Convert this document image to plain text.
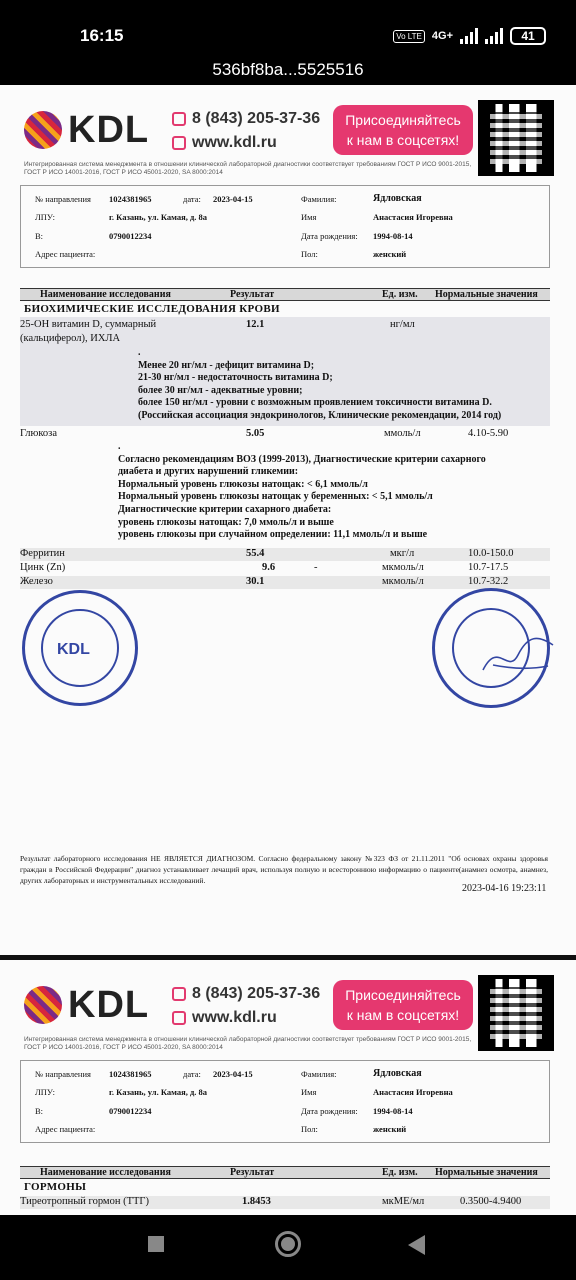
16:15	Vo LTE 4G+	41
536bf8ba...5525516
KDL	8 (843) 205-37-36
www.kdl.ru
Присоединяйтесь
к нам в соцсетях!
Интегрированная система менеджмента в отношении клинической лабораторной диагностики соответствует требованиям ГОСТ Р ИСО 9001-2015, ГОСТ Р ИСО 14001-2016, ГОСТ Р ИСО 45001-2020, SA 8000:2014
№ направления 1024381965	дата: 2023-04-15	Фамилия:	Ядловская
ЛПУ:	г. Казань, ул. Камая, д. 8а	Имя	Анастасия Игоревна
В:	0790012234	Дата рождения: 1994-08-14
Адрес пациента:	Пол:	женский
Наименование исследования	Результат	Ед. изм. Нормальные значения
БИОХИМИЧЕСКИЕ ИССЛЕДОВАНИЯ КРОВИ
25-OH витамин D, суммарный	12.1	нг/мл
(кальциферол), ИХЛА
.
Менее 20 нг/мл - дефицит витамина D;
21-30 нг/мл - недостаточность витамина D;
более 30 нг/мл - адекватные уровни;
более 150 нг/мл - уровни с возможным проявлением токсичности витамина D.
(Российская ассоциация эндокринологов, Клинические рекомендации, 2014 год)
Глюкоза	5.05	ммоль/л	4.10-5.90
.
Согласно рекомендациям ВОЗ (1999-2013), Диагностические критерии сахарного
диабета и других нарушений гликемии:
Нормальный уровень глюкозы натощак: < 6,1 ммоль/л
Нормальный уровень глюкозы натощак у беременных: < 5,1 ммоль/л
Диагностические критерии сахарного диабета:
уровень глюкозы натощак: 7,0 ммоль/л и выше
уровень глюкозы при случайном определении: 11,1 ммоль/л и выше
Ферритин	55.4	мкг/л	10.0-150.0
Цинк (Zn)	9.6	-	мкмоль/л	10.7-17.5
Железо	30.1	мкмоль/л	10.7-32.2
KDL
Результат лабораторного исследования НЕ ЯВЛЯЕТСЯ ДИАГНОЗОМ. Согласно федеральному закону №323 ФЗ от 21.11.2011 "Об основах охраны здоровья граждан в Российской Федерации" диагноз устанавливает лечащий врач, используя полную и всестороннюю информацию о пациенте(анамнез осмотра, анамнез, других лабораторных и инструментальных исследований.
2023-04-16 19:23:11
KDL	8 (843) 205-37-36
www.kdl.ru
Присоединяйтесь
к нам в соцсетях!
Интегрированная система менеджмента в отношении клинической лабораторной диагностики соответствует требованиям ГОСТ Р ИСО 9001-2015, ГОСТ Р ИСО 14001-2016, ГОСТ Р ИСО 45001-2020, SA 8000:2014
№ направления 1024381965	дата: 2023-04-15	Фамилия:	Ядловская
ЛПУ:	г. Казань, ул. Камая, д. 8а	Имя	Анастасия Игоревна
В:	0790012234	Дата рождения: 1994-08-14
Адрес пациента:	Пол:	женский
Наименование исследования	Результат	Ед. изм. Нормальные значения
ГОРМОНЫ
Тиреотропный гормон (ТТГ)	1.8453	мкМЕ/мл	0.3500-4.9400
